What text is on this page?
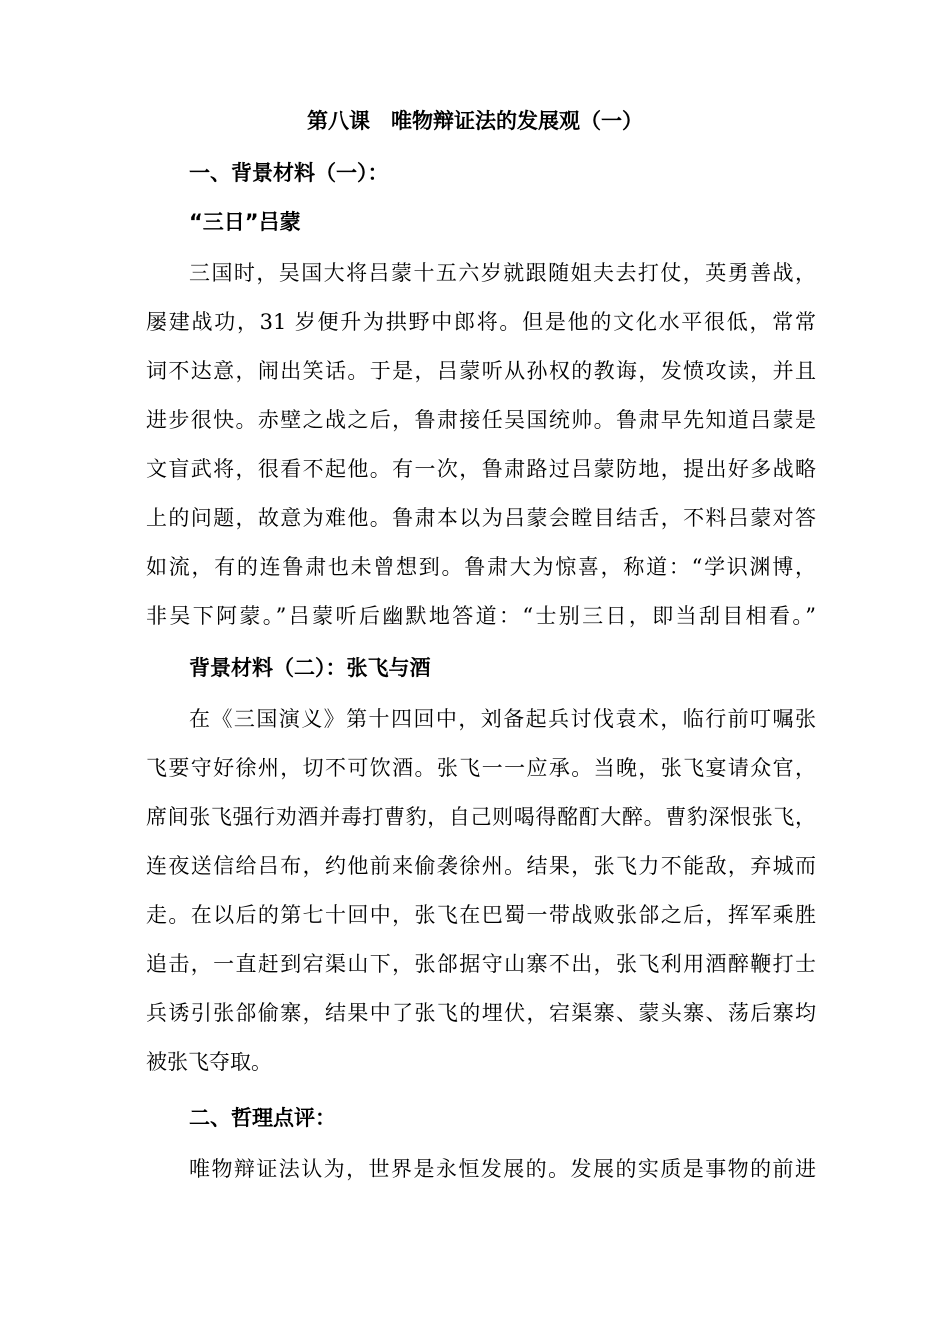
第八课　唯物辩证法的发展观（一）
一、背景材料（一）：
“三日”吕蒙
三国时，吴国大将吕蒙十五六岁就跟随姐夫去打仗，英勇善战，
屡建战功，31 岁便升为拱野中郎将。但是他的文化水平很低，常常
词不达意，闹出笑话。于是，吕蒙听从孙权的教诲，发愤攻读，并且
进步很快。赤壁之战之后，鲁肃接任吴国统帅。鲁肃早先知道吕蒙是
文盲武将，很看不起他。有一次，鲁肃路过吕蒙防地，提出好多战略
上的问题，故意为难他。鲁肃本以为吕蒙会瞠目结舌，不料吕蒙对答
如流，有的连鲁肃也未曾想到。鲁肃大为惊喜，称道：“学识渊博，
非吴下阿蒙。”吕蒙听后幽默地答道：“士别三日，即当刮目相看。”
背景材料（二）：张飞与酒
在《三国演义》第十四回中，刘备起兵讨伐袁术，临行前叮嘱张
飞要守好徐州，切不可饮酒。张飞一一应承。当晚，张飞宴请众官，
席间张飞强行劝酒并毒打曹豹，自己则喝得酩酊大醉。曹豹深恨张飞，
连夜送信给吕布，约他前来偷袭徐州。结果，张飞力不能敌，弃城而
走。在以后的第七十回中，张飞在巴蜀一带战败张郃之后，挥军乘胜
追击，一直赶到宕渠山下，张郃据守山寨不出，张飞利用酒醉鞭打士
兵诱引张郃偷寨，结果中了张飞的埋伏，宕渠寨、蒙头寨、荡后寨均
被张飞夺取。
二、哲理点评：
唯物辩证法认为，世界是永恒发展的。发展的实质是事物的前进
